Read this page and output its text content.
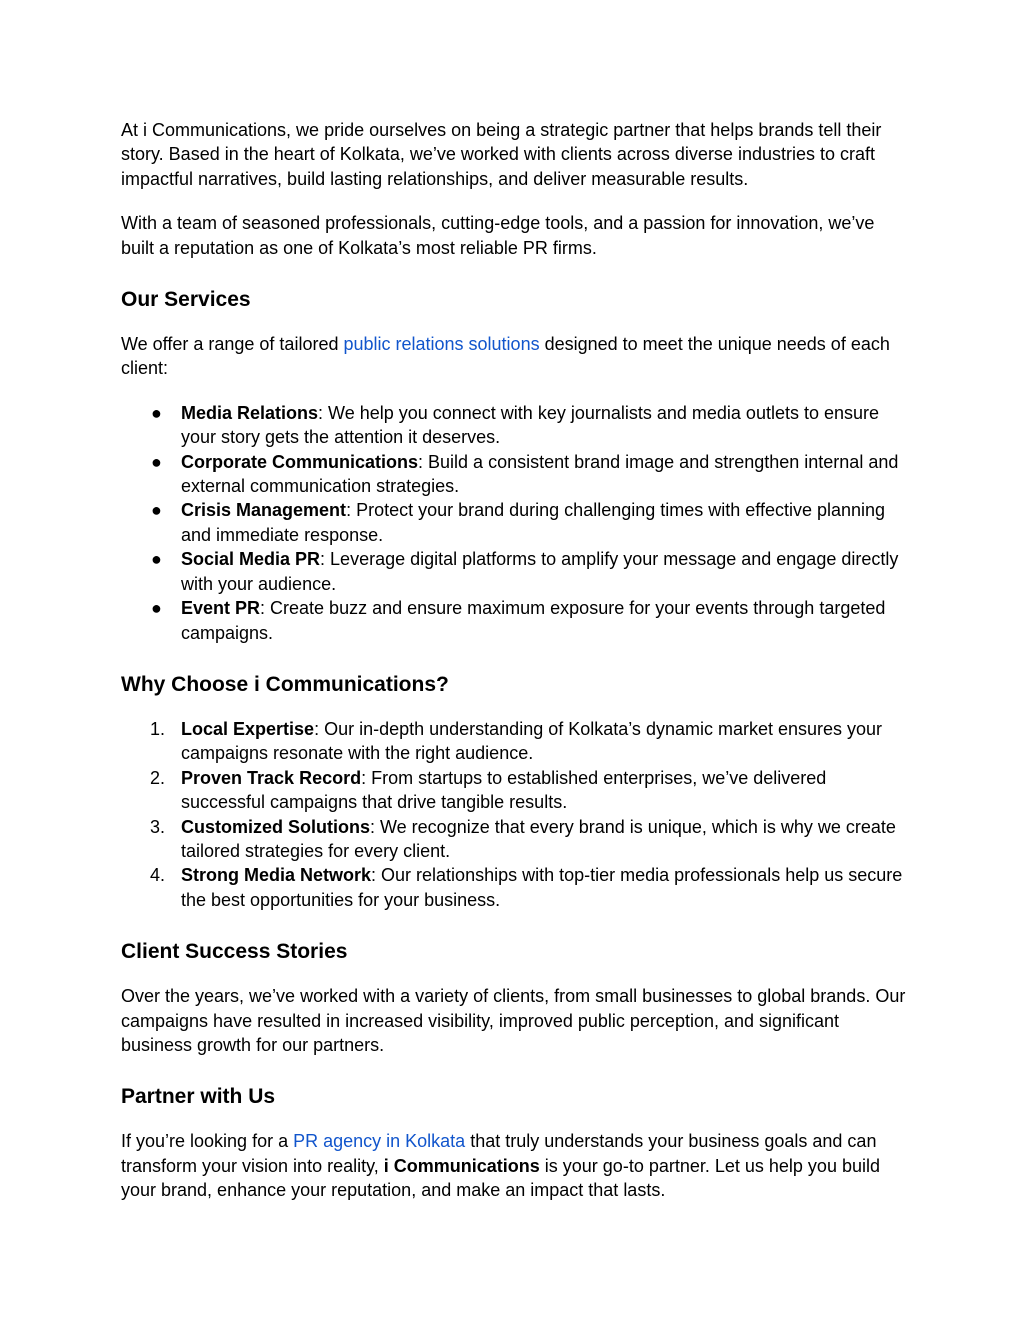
At i Communications, we pride ourselves on being a strategic partner that helps brands tell their story. Based in the heart of Kolkata, we’ve worked with clients across diverse industries to craft impactful narratives, build lasting relationships, and deliver measurable results.

With a team of seasoned professionals, cutting-edge tools, and a passion for innovation, we’ve built a reputation as one of Kolkata’s most reliable PR firms.

Our Services

We offer a range of tailored public relations solutions designed to meet the unique needs of each client:

● Media Relations: We help you connect with key journalists and media outlets to ensure your story gets the attention it deserves.
● Corporate Communications: Build a consistent brand image and strengthen internal and external communication strategies.
● Crisis Management: Protect your brand during challenging times with effective planning and immediate response.
● Social Media PR: Leverage digital platforms to amplify your message and engage directly with your audience.
● Event PR: Create buzz and ensure maximum exposure for your events through targeted campaigns.
Why Choose i Communications?
1. Local Expertise: Our in-depth understanding of Kolkata’s dynamic market ensures your campaigns resonate with the right audience.
2. Proven Track Record: From startups to established enterprises, we’ve delivered successful campaigns that drive tangible results.
3. Customized Solutions: We recognize that every brand is unique, which is why we create tailored strategies for every client.
4. Strong Media Network: Our relationships with top-tier media professionals help us secure the best opportunities for your business.
Client Success Stories

Over the years, we’ve worked with a variety of clients, from small businesses to global brands. Our campaigns have resulted in increased visibility, improved public perception, and significant business growth for our partners.

Partner with Us

If you’re looking for a PR agency in Kolkata that truly understands your business goals and can transform your vision into reality, i Communications is your go-to partner. Let us help you build your brand, enhance your reputation, and make an impact that lasts.
